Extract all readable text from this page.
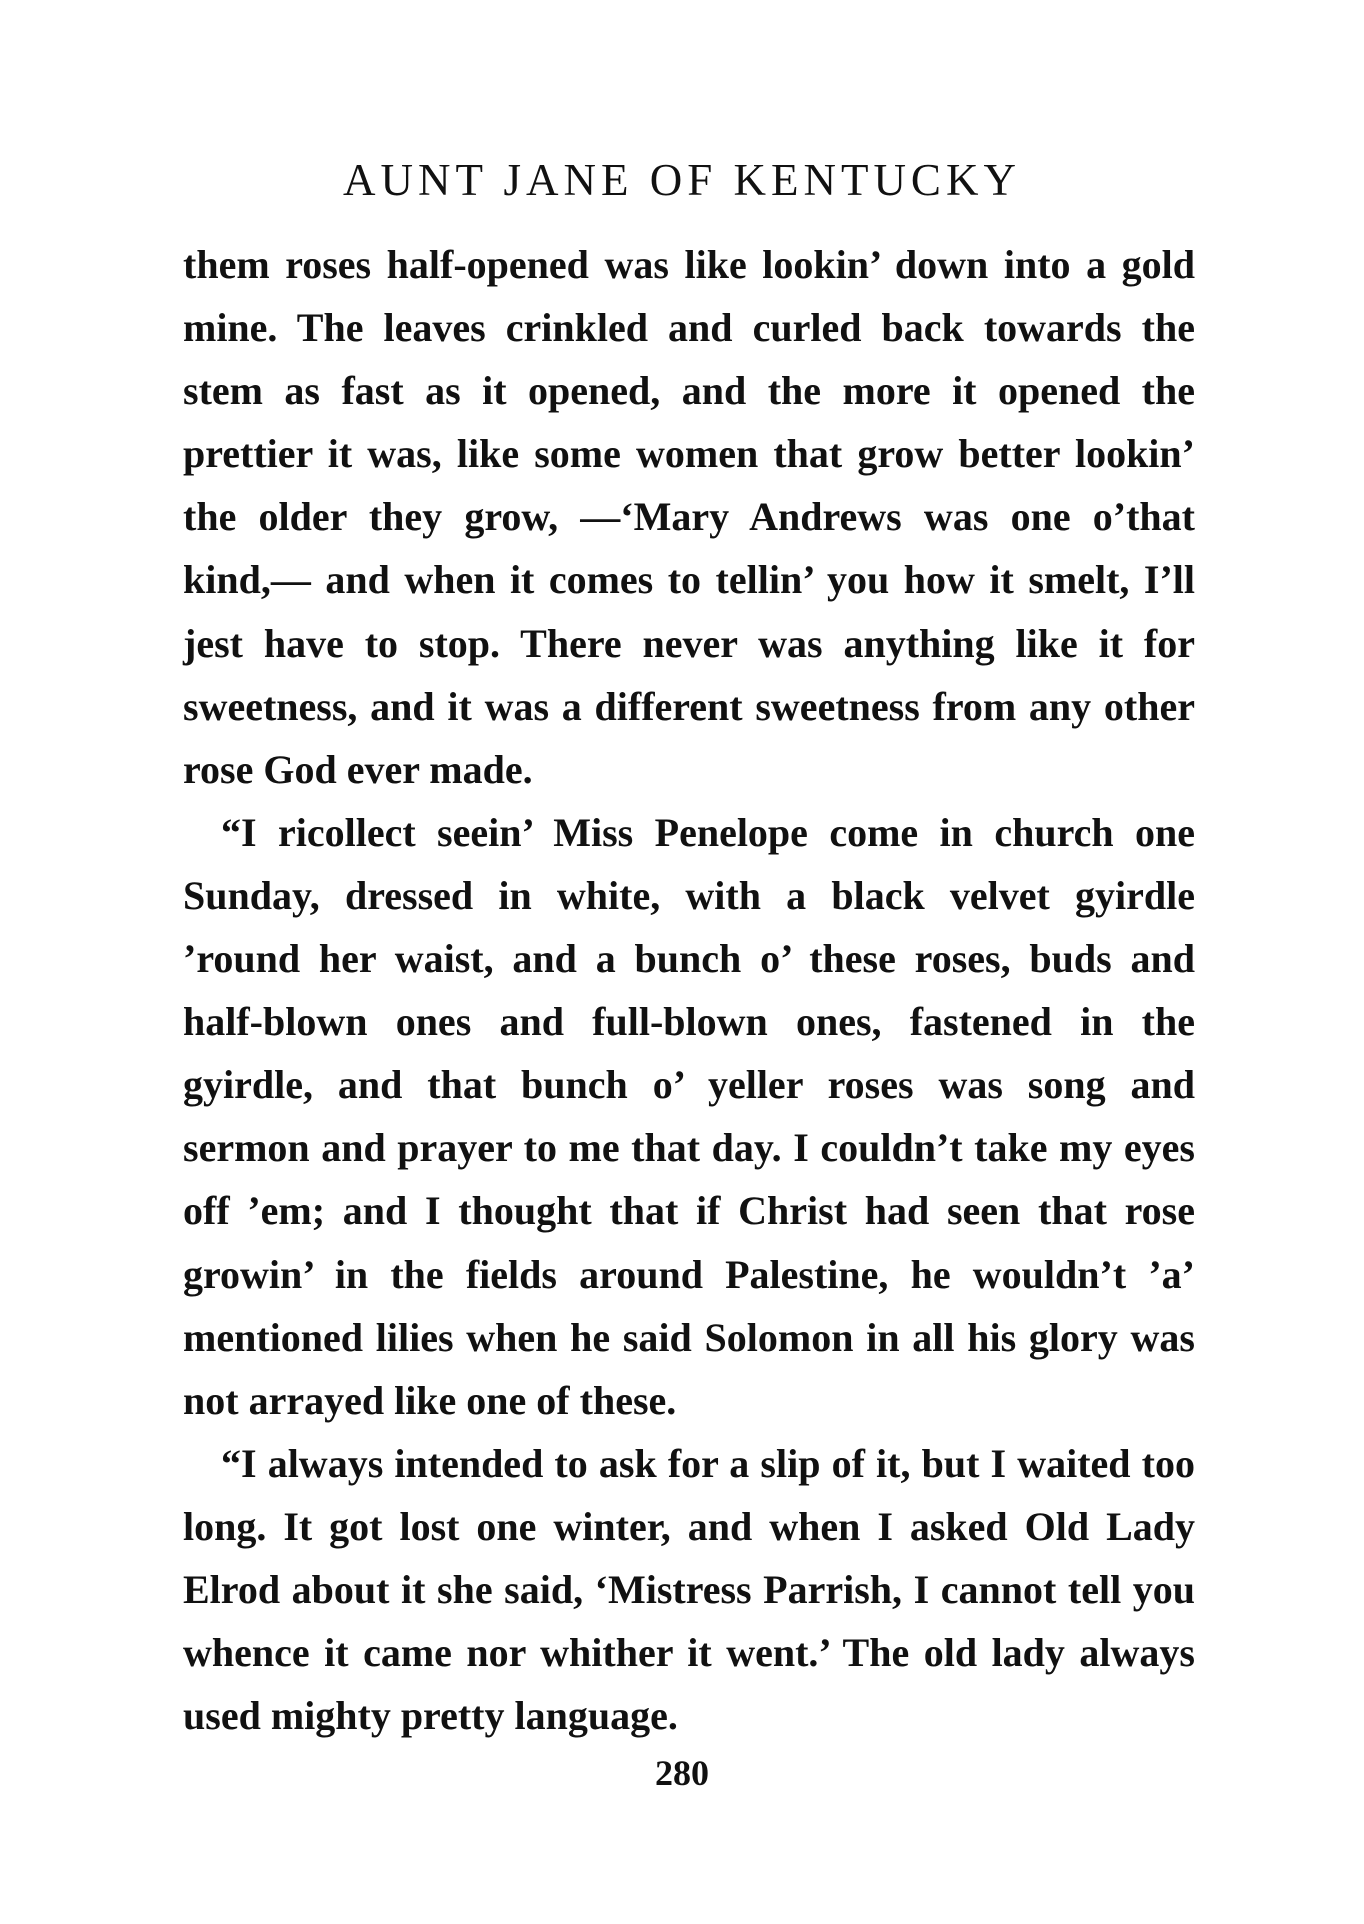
AUNT JANE OF KENTUCKY

them roses half-opened was like lookin’ down into a gold mine. The leaves crinkled and curled back towards the stem as fast as it opened, and the more it opened the prettier it was, like some women that grow better lookin’ the older they grow, —‘Mary Andrews was one o’that kind,— and when it comes to tellin’ you how it smelt, I’ll jest have to stop. There never was anything like it for sweetness, and it was a different sweetness from any other rose God ever made.

“I ricollect seein’ Miss Penelope come in church one Sunday, dressed in white, with a black velvet gyirdle ’round her waist, and a bunch o’ these roses, buds and half-blown ones and full-blown ones, fastened in the gyirdle, and that bunch o’ yeller roses was song and sermon and prayer to me that day. I couldn’t take my eyes off ’em; and I thought that if Christ had seen that rose growin’ in the fields around Palestine, he wouldn’t ’a’ mentioned lilies when he said Solomon in all his glory was not arrayed like one of these.

“I always intended to ask for a slip of it, but I waited too long. It got lost one winter, and when I asked Old Lady Elrod about it she said, ‘Mistress Parrish, I cannot tell you whence it came nor whither it went.’ The old lady always used mighty pretty language.

280
